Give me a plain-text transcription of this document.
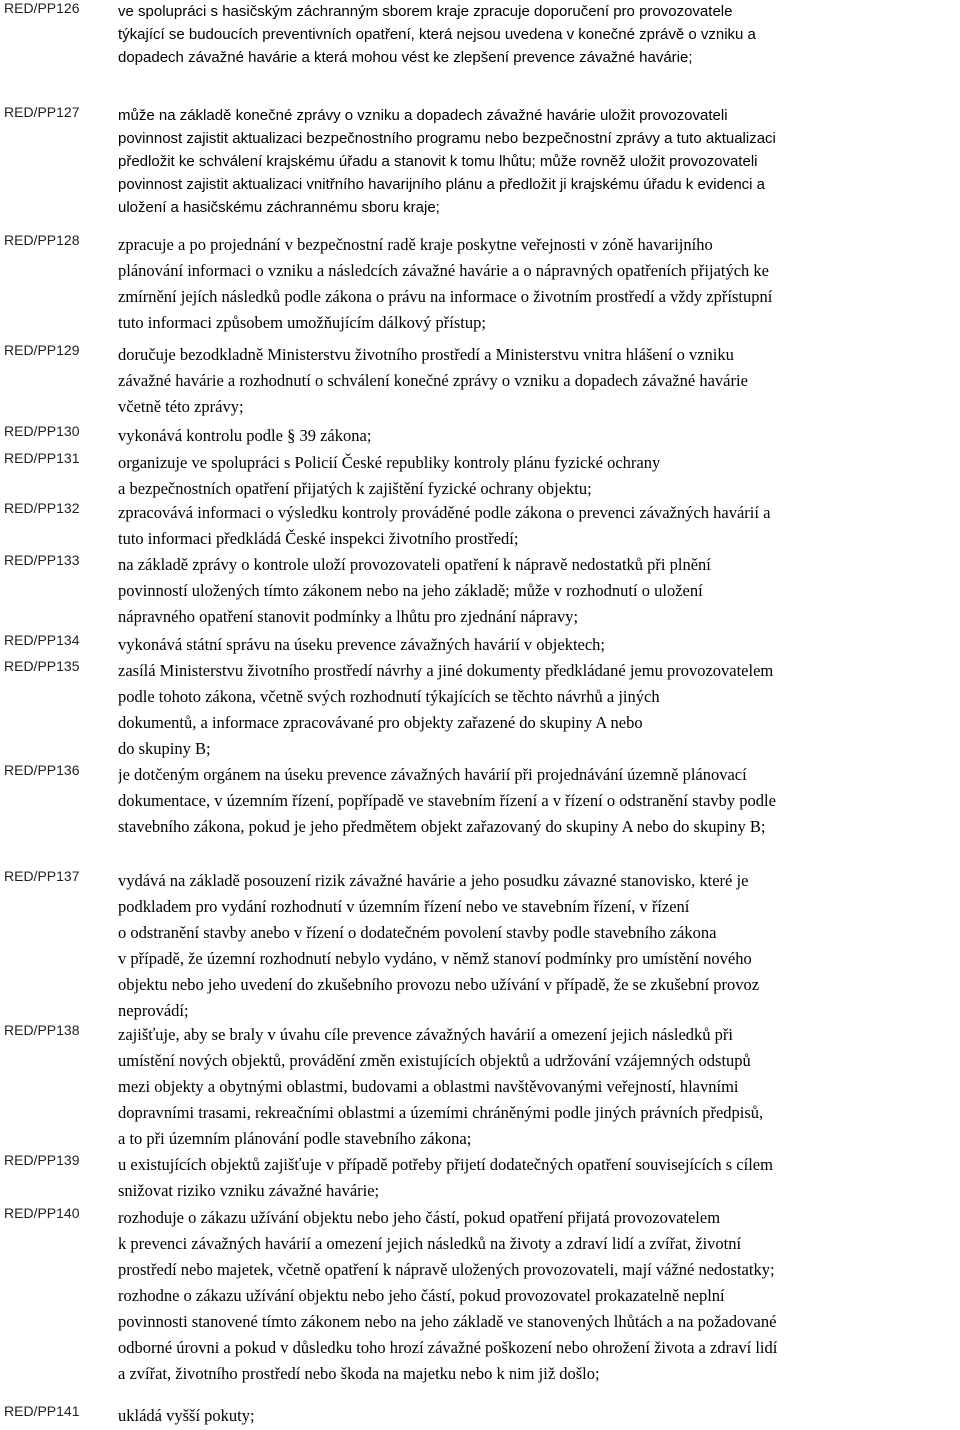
RED/PP126	ve spolupráci s hasičským záchranným sborem kraje zpracuje doporučení pro provozovatele
týkající se budoucích preventivních opatření, která nejsou uvedena v konečné zprávě o vzniku a
dopadech závažné havárie a která mohou vést ke zlepšení prevence závažné havárie;
RED/PP127	může na základě konečné zprávy o vzniku a dopadech závažné havárie uložit provozovateli
povinnost zajistit aktualizaci bezpečnostního programu nebo bezpečnostní zprávy a tuto aktualizaci
předložit ke schválení krajskému úřadu a stanovit k tomu lhůtu; může rovněž uložit provozovateli
povinnost zajistit aktualizaci vnitřního havarijního plánu a předložit ji krajskému úřadu k evidenci a
uložení a hasičskému záchrannému sboru kraje;
RED/PP128 zpracuje a po projednání v bezpečnostní radě kraje poskytne veřejnosti v zóně havarijního
plánování informaci o vzniku a následcích závažné havárie a o nápravných opatřeních přijatých ke
zmírnění jejích následků podle zákona o právu na informace o životním prostředí a vždy zpřístupní
tuto informaci způsobem umožňujícím dálkový přístup;
RED/PP129 doručuje bezodkladně Ministerstvu životního prostředí a Ministerstvu vnitra hlášení o vzniku
závažné havárie a rozhodnutí o schválení konečné zprávy o vzniku a dopadech závažné havárie
včetně této zprávy;
RED/PP130 vykonává kontrolu podle § 39 zákona;
RED/PP131 organizuje ve spolupráci s Policií České republiky kontroly plánu fyzické ochrany
a bezpečnostních opatření přijatých k zajištění fyzické ochrany objektu;
RED/PP132 zpracovává informaci o výsledku kontroly prováděné podle zákona o prevenci závažných havárií a
tuto informaci předkládá České inspekci životního prostředí;
RED/PP133 na základě zprávy o kontrole uloží provozovateli opatření k nápravě nedostatků při plnění
povinností uložených tímto zákonem nebo na jeho základě; může v rozhodnutí o uložení
nápravného opatření stanovit podmínky a lhůtu pro zjednání nápravy;
RED/PP134 vykonává státní správu na úseku prevence závažných havárií v objektech;
RED/PP135 zasílá Ministerstvu životního prostředí návrhy a jiné dokumenty předkládané jemu provozovatelem
podle tohoto zákona, včetně svých rozhodnutí týkajících se těchto návrhů a jiných
dokumentů, a informace zpracovávané pro objekty zařazené do skupiny A nebo
do skupiny B;
RED/PP136 je dotčeným orgánem na úseku prevence závažných havárií při projednávání územně plánovací
dokumentace, v územním řízení, popřípadě ve stavebním řízení a v řízení o odstranění stavby podle
stavebního zákona, pokud je jeho předmětem objekt zařazovaný do skupiny A nebo do skupiny B;
RED/PP137 vydává na základě posouzení rizik závažné havárie a jeho posudku závazné stanovisko, které je
podkladem pro vydání rozhodnutí v územním řízení nebo ve stavebním řízení, v řízení
o odstranění stavby anebo v řízení o dodatečném povolení stavby podle stavebního zákona
v případě, že územní rozhodnutí nebylo vydáno, v němž stanoví podmínky pro umístění nového
objektu nebo jeho uvedení do zkušebního provozu nebo užívání v případě, že se zkušební provoz
neprovádí;
RED/PP138 zajišťuje, aby se braly v úvahu cíle prevence závažných havárií a omezení jejich následků při
umístění nových objektů, provádění změn existujících objektů a udržování vzájemných odstupů
mezi objekty a obytnými oblastmi, budovami a oblastmi navštěvovanými veřejností, hlavními
dopravními trasami, rekreačními oblastmi a územími chráněnými podle jiných právních předpisů,
a to při územním plánování podle stavebního zákona;
RED/PP139 u existujících objektů zajišťuje v případě potřeby přijetí dodatečných opatření souvisejících s cílem
snižovat riziko vzniku závažné havárie;
RED/PP140 rozhoduje o zákazu užívání objektu nebo jeho částí, pokud opatření přijatá provozovatelem
k prevenci závažných havárií a omezení jejich následků na životy a zdraví lidí a zvířat, životní
prostředí nebo majetek, včetně opatření k nápravě uložených provozovateli, mají vážné nedostatky;
rozhodne o zákazu užívání objektu nebo jeho částí, pokud provozovatel prokazatelně neplní
povinnosti stanovené tímto zákonem nebo na jeho základě ve stanovených lhůtách a na požadované
odborné úrovni a pokud v důsledku toho hrozí závažné poškození nebo ohrožení života a zdraví lidí
a zvířat, životního prostředí nebo škoda na majetku nebo k nim již došlo;
RED/PP141 ukládá vyšší pokuty;
